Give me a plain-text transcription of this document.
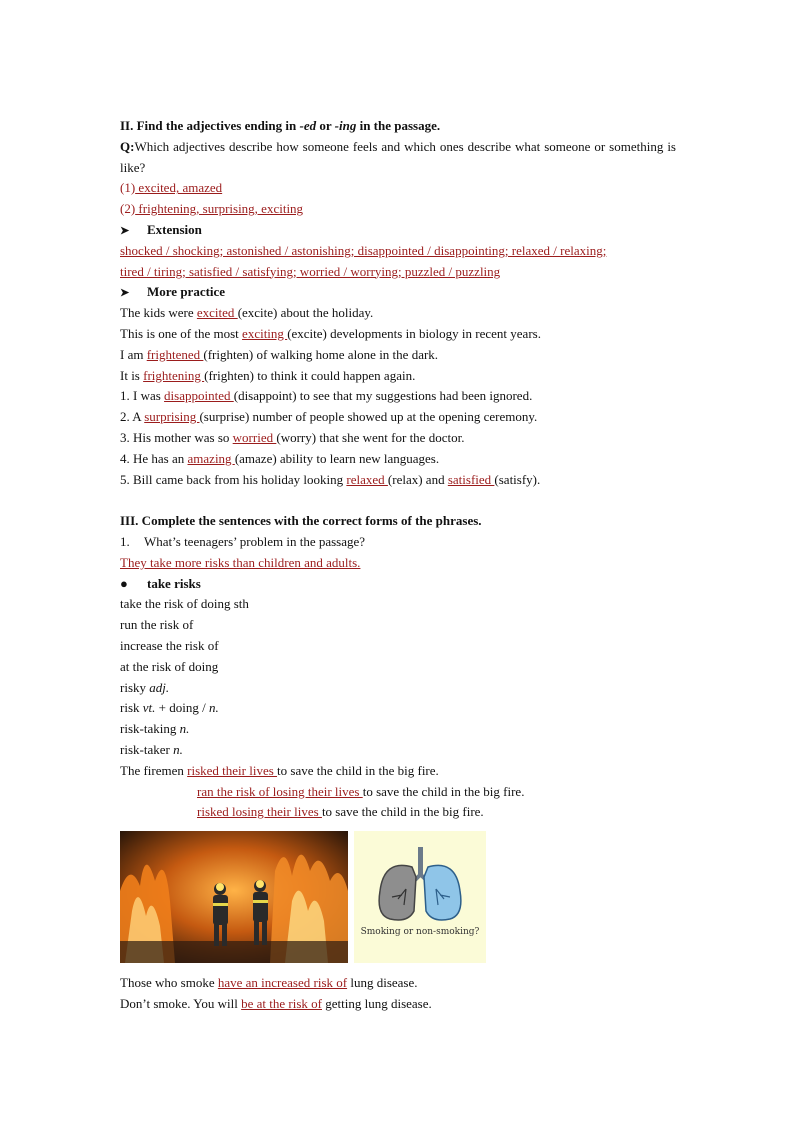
II. Find the adjectives ending in -ed or -ing in the passage.
Q:Which adjectives describe how someone feels and which ones describe what someone or something is like?
(1) excited, amazed
(2) frightening, surprising, exciting
➤ Extension
shocked / shocking; astonished / astonishing; disappointed / disappointing; relaxed / relaxing;
tired / tiring; satisfied / satisfying; worried / worrying; puzzled / puzzling
➤ More practice
The kids were excited (excite) about the holiday.
This is one of the most exciting (excite) developments in biology in recent years.
I am frightened (frighten) of walking home alone in the dark.
It is frightening (frighten) to think it could happen again.
1. I was disappointed (disappoint) to see that my suggestions had been ignored.
2. A surprising (surprise) number of people showed up at the opening ceremony.
3. His mother was so worried (worry) that she went for the doctor.
4. He has an amazing (amaze) ability to learn new languages.
5. Bill came back from his holiday looking relaxed (relax) and satisfied (satisfy).
III. Complete the sentences with the correct forms of the phrases.
1. What’s teenagers’ problem in the passage?
They take more risks than children and adults.
● take risks
take the risk of doing sth
run the risk of
increase the risk of
at the risk of doing
risky adj.
risk vt. + doing / n.
risk-taking n.
risk-taker n.
The firemen risked their lives to save the child in the big fire.
ran the risk of losing their lives to save the child in the big fire.
risked losing their lives to save the child in the big fire.
Smoking or non-smoking?
Those who smoke have an increased risk of lung disease.
Don’t smoke. You will be at the risk of getting lung disease.
